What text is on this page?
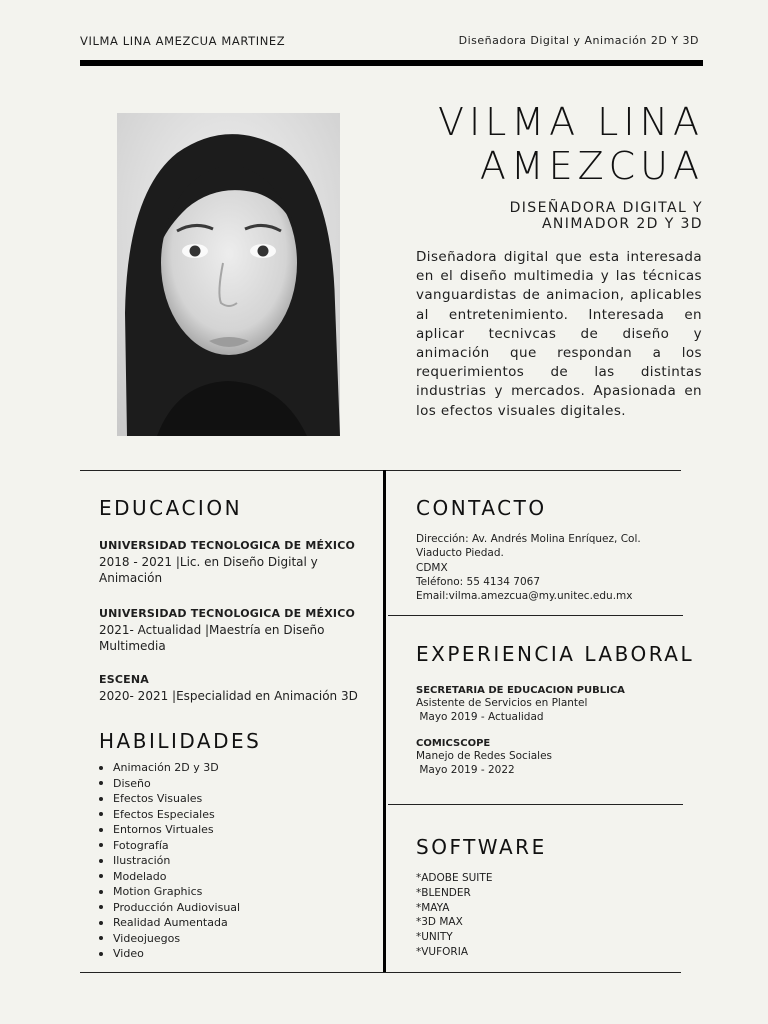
VILMA LINA AMEZCUA MARTINEZ	Diseñadora Digital y Animación 2D Y 3D
VILMA LINA
AMEZCUA
DISEÑADORA DIGITAL Y
ANIMADOR 2D Y 3D
Diseñadora digital que esta interesada en el diseño multimedia y las técnicas vanguardistas de animacion, aplicables al entretenimiento. Interesada en aplicar tecnivcas de diseño y animación que respondan a los requerimientos de las distintas industrias y mercados. Apasionada en los efectos visuales digitales.
EDUCACION
UNIVERSIDAD TECNOLOGICA DE MÉXICO
2018 - 2021 |Lic. en Diseño Digital y Animación
UNIVERSIDAD TECNOLOGICA DE MÉXICO
2021- Actualidad |Maestría en Diseño Multimedia
ESCENA
2020- 2021 |Especialidad en Animación 3D
HABILIDADES
Animación 2D y 3D
Diseño
Efectos Visuales
Efectos Especiales
Entornos Virtuales
Fotografía
Ilustración
Modelado
Motion Graphics
Producción Audiovisual
Realidad Aumentada
Videojuegos
Video
CONTACTO
Dirección: Av. Andrés Molina Enríquez, Col.
Viaducto Piedad.
CDMX
Teléfono: 55 4134 7067
Email:vilma.amezcua@my.unitec.edu.mx
EXPERIENCIA LABORAL
SECRETARIA DE EDUCACION PUBLICA
Asistente de Servicios en Plantel
Mayo 2019 - Actualidad
COMICSCOPE
Manejo de Redes Sociales
Mayo 2019 - 2022
SOFTWARE
*ADOBE SUITE
*BLENDER
*MAYA
*3D MAX
*UNITY
*VUFORIA
